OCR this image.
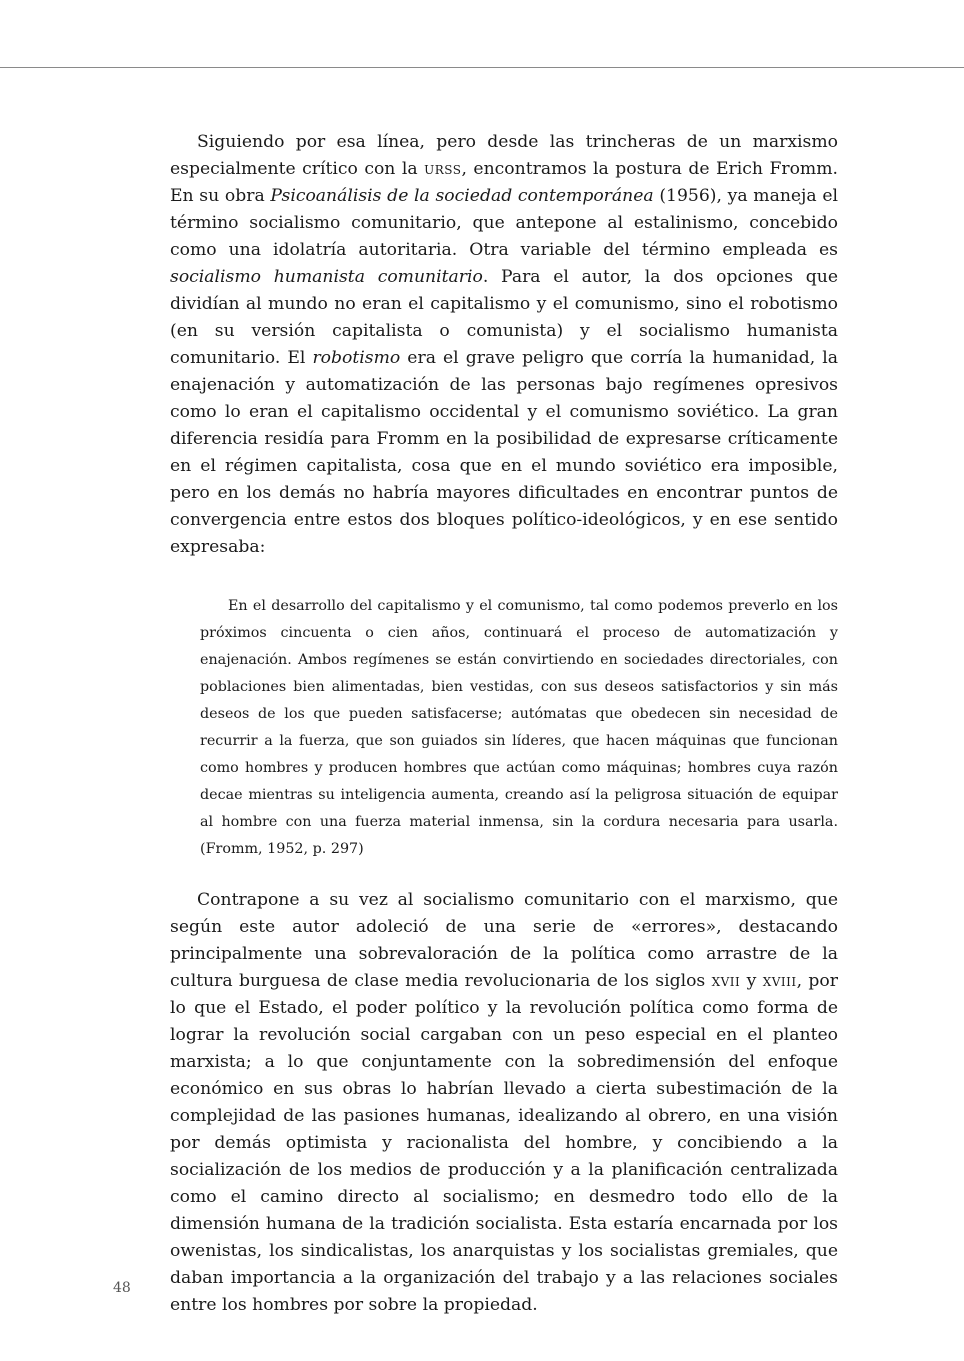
Siguiendo por esa línea, pero desde las trincheras de un marxismo especialmente crítico con la urss, encontramos la postura de Erich Fromm. En su obra Psicoanálisis de la sociedad contemporánea (1956), ya maneja el término socialismo comunitario, que antepone al estalinismo, concebido como una idolatría autoritaria. Otra variable del término empleada es socialismo humanista comunitario. Para el autor, la dos opciones que dividían al mundo no eran el capitalismo y el comunismo, sino el robotismo (en su versión capitalista o comunista) y el socialismo humanista comunitario. El robotismo era el grave peligro que corría la humanidad, la enajenación y automatización de las personas bajo regímenes opresivos como lo eran el capitalismo occidental y el comunismo soviético. La gran diferencia residía para Fromm en la posibilidad de expresarse críticamente en el régimen capitalista, cosa que en el mundo soviético era imposible, pero en los demás no habría mayores dificultades en encontrar puntos de convergencia entre estos dos bloques político-ideológicos, y en ese sentido expresaba:

En el desarrollo del capitalismo y el comunismo, tal como podemos preverlo en los próximos cincuenta o cien años, continuará el proceso de automatización y enajenación. Ambos regímenes se están convirtiendo en sociedades directoriales, con poblaciones bien alimentadas, bien vestidas, con sus deseos satisfactorios y sin más deseos de los que pueden satisfacerse; autómatas que obedecen sin necesidad de recurrir a la fuerza, que son guiados sin líderes, que hacen máquinas que funcionan como hombres y producen hombres que actúan como máquinas; hombres cuya razón decae mientras su inteligencia aumenta, creando así la peligrosa situación de equipar al hombre con una fuerza material inmensa, sin la cordura necesaria para usarla. (Fromm, 1952, p. 297)

Contrapone a su vez al socialismo comunitario con el marxismo, que según este autor adoleció de una serie de «errores», destacando principalmente una sobrevaloración de la política como arrastre de la cultura burguesa de clase media revolucionaria de los siglos xvii y xviii, por lo que el Estado, el poder político y la revolución política como forma de lograr la revolución social cargaban con un peso especial en el planteo marxista; a lo que conjuntamente con la sobredimensión del enfoque económico en sus obras lo habrían llevado a cierta subestimación de la complejidad de las pasiones humanas, idealizando al obrero, en una visión por demás optimista y racionalista del hombre, y concibiendo a la socialización de los medios de producción y a la planificación centralizada como el camino directo al socialismo; en desmedro todo ello de la dimensión humana de la tradición socialista. Esta estaría encarnada por los owenistas, los sindicalistas, los anarquistas y los socialistas gremiales, que daban importancia a la organización del trabajo y a las relaciones sociales entre los hombres por sobre la propiedad.

48
